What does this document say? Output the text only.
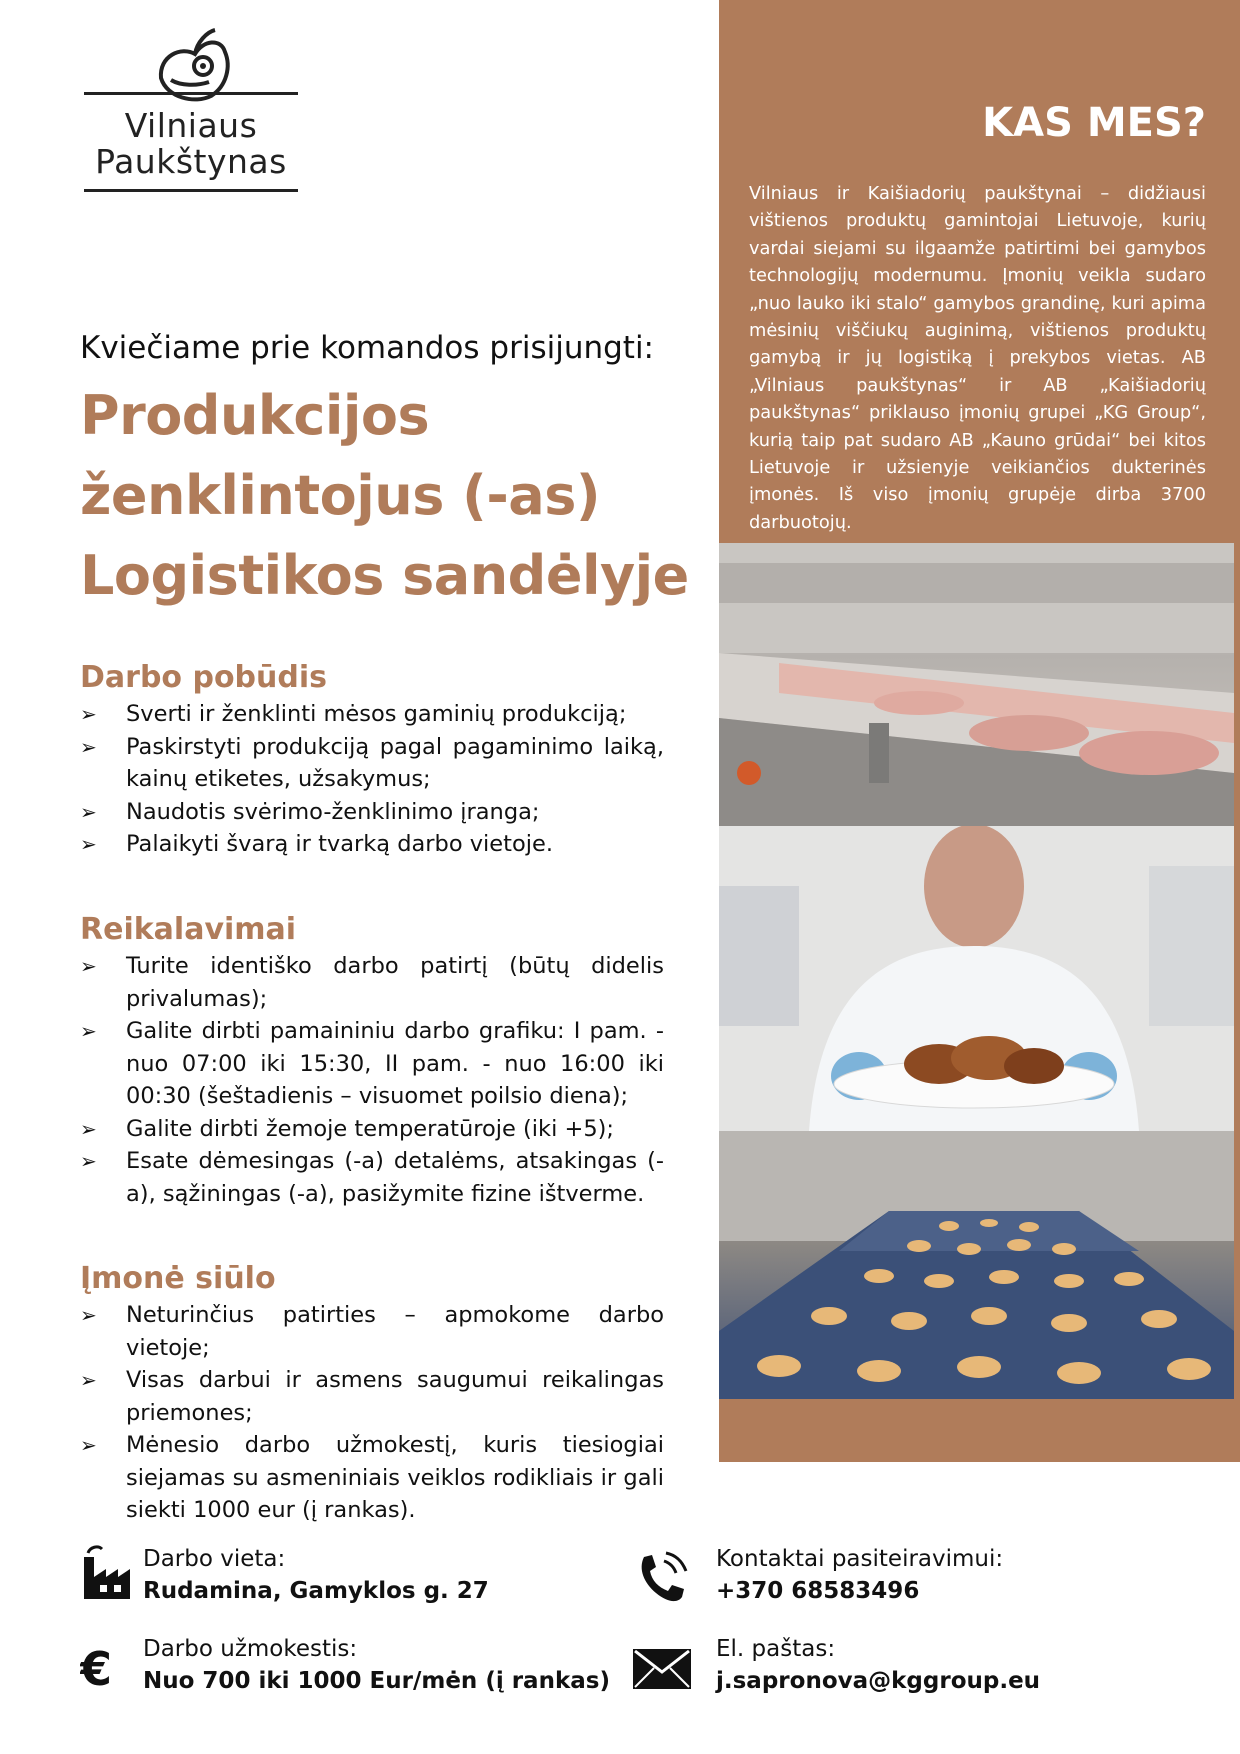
Vilniaus
Paukštynas
Kviečiame prie komandos prisijungti:
Produkcijos
ženklintojus (-as)
Logistikos sandėlyje
Darbo pobūdis
➢ Sverti ir ženklinti mėsos gaminių produkciją;
➢ Paskirstyti produkciją pagal pagaminimo laiką, kainų etiketes, užsakymus;
➢ Naudotis svėrimo-ženklinimo įranga;
➢ Palaikyti švarą ir tvarką darbo vietoje.
Reikalavimai
➢ Turite identiško darbo patirtį (būtų didelis privalumas);
➢ Galite dirbti pamaininiu darbo grafiku: I pam. - nuo 07:00 iki 15:30, II pam. - nuo 16:00 iki 00:30 (šeštadienis – visuomet poilsio diena);
➢ Galite dirbti žemoje temperatūroje (iki +5);
➢ Esate dėmesingas (-a) detalėms, atsakingas (-a), sąžiningas (-a), pasižymite fizine ištverme.
Įmonė siūlo
➢ Neturinčius patirties – apmokome darbo vietoje;
➢ Visas darbui ir asmens saugumui reikalingas priemones;
➢ Mėnesio darbo užmokestį, kuris tiesiogiai siejamas su asmeniniais veiklos rodikliais ir gali siekti 1000 eur (į rankas).
KAS MES?

Vilniaus ir Kaišiadorių paukštynai – didžiausi vištienos produktų gamintojai Lietuvoje, kurių vardai siejami su ilgaamže patirtimi bei gamybos technologijų modernumu. Įmonių veikla sudaro „nuo lauko iki stalo“ gamybos grandinę, kuri apima mėsinių viščiukų auginimą, vištienos produktų gamybą ir jų logistiką į prekybos vietas. AB „Vilniaus paukštynas“ ir AB „Kaišiadorių paukštynas“ priklauso įmonių grupei „KG Group“, kurią taip pat sudaro AB „Kauno grūdai“ bei kitos Lietuvoje ir užsienyje veikiančios dukterinės įmonės. Iš viso įmonių grupėje dirba 3700 darbuotojų.

Darbo vieta:
Rudamina, Gamyklos g. 27
€ Darbo užmokestis:
Nuo 700 iki 1000 Eur/mėn (į rankas)
Kontaktai pasiteiravimui:
+370 68583496
El. paštas:
j.sapronova@kggroup.eu
